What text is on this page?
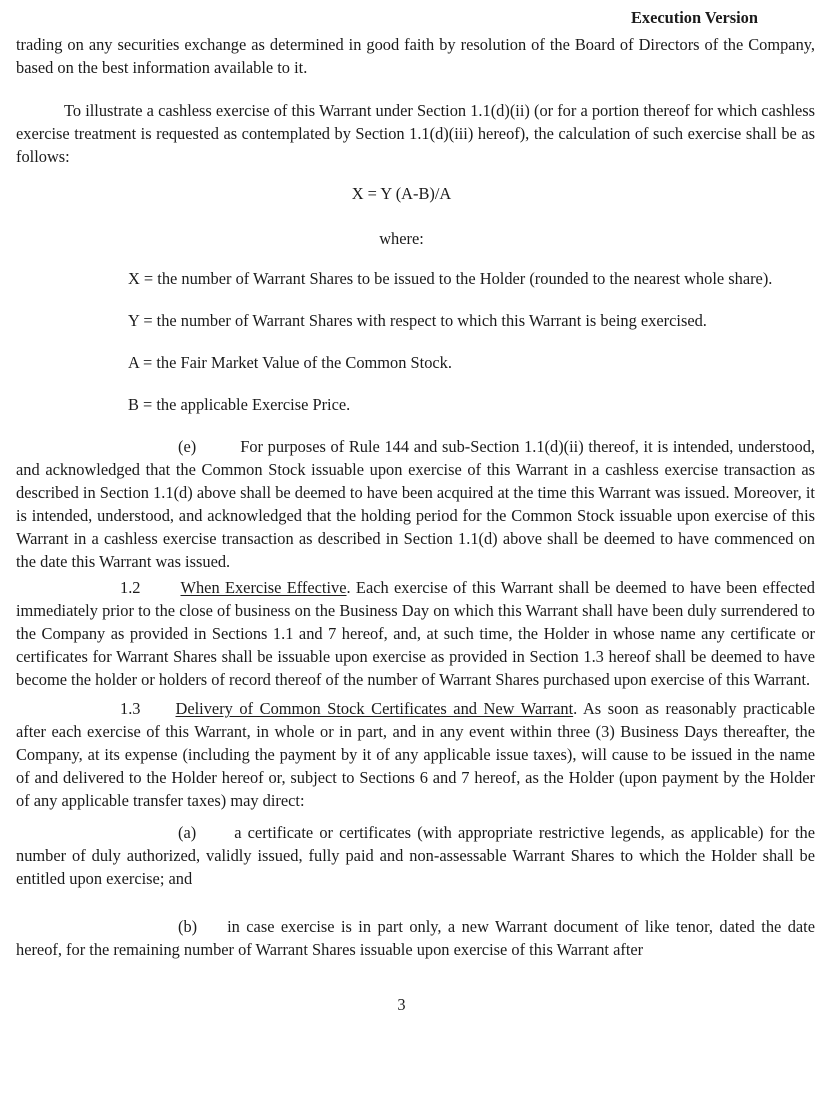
Execution Version

trading on any securities exchange as determined in good faith by resolution of the Board of Directors of the Company, based on the best information available to it.

To illustrate a cashless exercise of this Warrant under Section 1.1(d)(ii) (or for a portion thereof for which cashless exercise treatment is requested as contemplated by Section 1.1(d)(iii) hereof), the calculation of such exercise shall be as follows:

X = Y (A-B)/A
where:

X = the number of Warrant Shares to be issued to the Holder (rounded to the nearest whole share).

Y = the number of Warrant Shares with respect to which this Warrant is being exercised.

A = the Fair Market Value of the Common Stock.

B = the applicable Exercise Price.

(e)	For purposes of Rule 144 and sub-Section 1.1(d)(ii) thereof, it is intended, understood, and acknowledged that the Common Stock issuable upon exercise of this Warrant in a cashless exercise transaction as described in Section 1.1(d) above shall be deemed to have been acquired at the time this Warrant was issued. Moreover, it is intended, understood, and acknowledged that the holding period for the Common Stock issuable upon exercise of this Warrant in a cashless exercise transaction as described in Section 1.1(d) above shall be deemed to have commenced on the date this Warrant was issued.

1.2 When Exercise Effective. Each exercise of this Warrant shall be deemed to have been effected immediately prior to the close of business on the Business Day on which this Warrant shall have been duly surrendered to the Company as provided in Sections 1.1 and 7 hereof, and, at such time, the Holder in whose name any certificate or certificates for Warrant Shares shall be issuable upon exercise as provided in Section 1.3 hereof shall be deemed to have become the holder or holders of record thereof of the number of Warrant Shares purchased upon exercise of this Warrant.

1.3 Delivery of Common Stock Certificates and New Warrant. As soon as reasonably practicable after each exercise of this Warrant, in whole or in part, and in any event within three (3) Business Days thereafter, the Company, at its expense (including the payment by it of any applicable issue taxes), will cause to be issued in the name of and delivered to the Holder hereof or, subject to Sections 6 and 7 hereof, as the Holder (upon payment by the Holder of any applicable transfer taxes) may direct:

(a) a certificate or certificates (with appropriate restrictive legends, as applicable) for the number of duly authorized, validly issued, fully paid and non-assessable Warrant Shares to which the Holder shall be entitled upon exercise; and

(b) in case exercise is in part only, a new Warrant document of like tenor, dated the date hereof, for the remaining number of Warrant Shares issuable upon exercise of this Warrant after

3
